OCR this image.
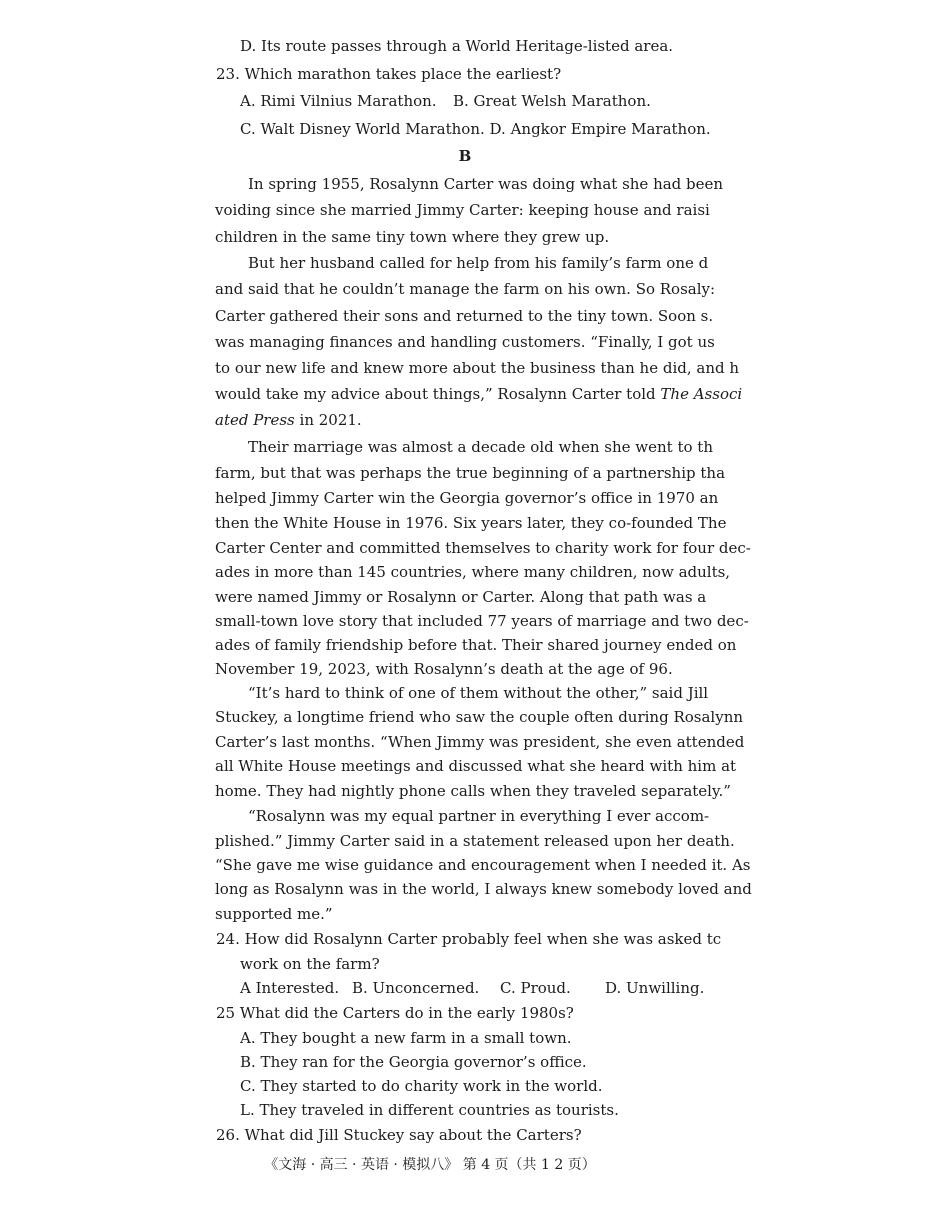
D. Its route passes through a World Heritage-listed area.
23. Which marathon takes place the earliest?
A. Rimi Vilnius Marathon.	B. Great Welsh Marathon.
C. Walt Disney World Marathon. D. Angkor Empire Marathon.
B
In spring 1955, Rosalynn Carter was doing what she had been
voiding since she married Jimmy Carter: keeping house and raisi
children in the same tiny town where they grew up.
But her husband called for help from his family’s farm one d
and said that he couldn’t manage the farm on his own. So Rosaly:
Carter gathered their sons and returned to the tiny town. Soon s.
was managing finances and handling customers. “Finally, I got us
to our new life and knew more about the business than he did, and h
would take my advice about things,” Rosalynn Carter told The Associ
ated Press in 2021.
Their marriage was almost a decade old when she went to th
farm, but that was perhaps the true beginning of a partnership tha
helped Jimmy Carter win the Georgia governor’s office in 1970 an
then the White House in 1976. Six years later, they co-founded The
Carter Center and committed themselves to charity work for four dec-
ades in more than 145 countries, where many children, now adults,
were named Jimmy or Rosalynn or Carter. Along that path was a
small-town love story that included 77 years of marriage and two dec-
ades of family friendship before that. Their shared journey ended on
November 19, 2023, with Rosalynn’s death at the age of 96.
“It’s hard to think of one of them without the other,” said Jill
Stuckey, a longtime friend who saw the couple often during Rosalynn
Carter’s last months. “When Jimmy was president, she even attended
all White House meetings and discussed what she heard with him at
home. They had nightly phone calls when they traveled separately.”
“Rosalynn was my equal partner in everything I ever accom-
plished.” Jimmy Carter said in a statement released upon her death.
“She gave me wise guidance and encouragement when I needed it. As
long as Rosalynn was in the world, I always knew somebody loved and
supported me.”
24. How did Rosalynn Carter probably feel when she was asked tc
work on the farm?
A Interested. B. Unconcerned.	C. Proud.	D. Unwilling.
25 What did the Carters do in the early 1980s?
A. They bought a new farm in a small town.
B. They ran for the Georgia governor’s office.
C. They started to do charity work in the world.
L. They traveled in different countries as tourists.
26. What did Jill Stuckey say about the Carters?
《文海 · 高三 · 英语 · 模拟八》 第 4 页（共 1 2 页）
